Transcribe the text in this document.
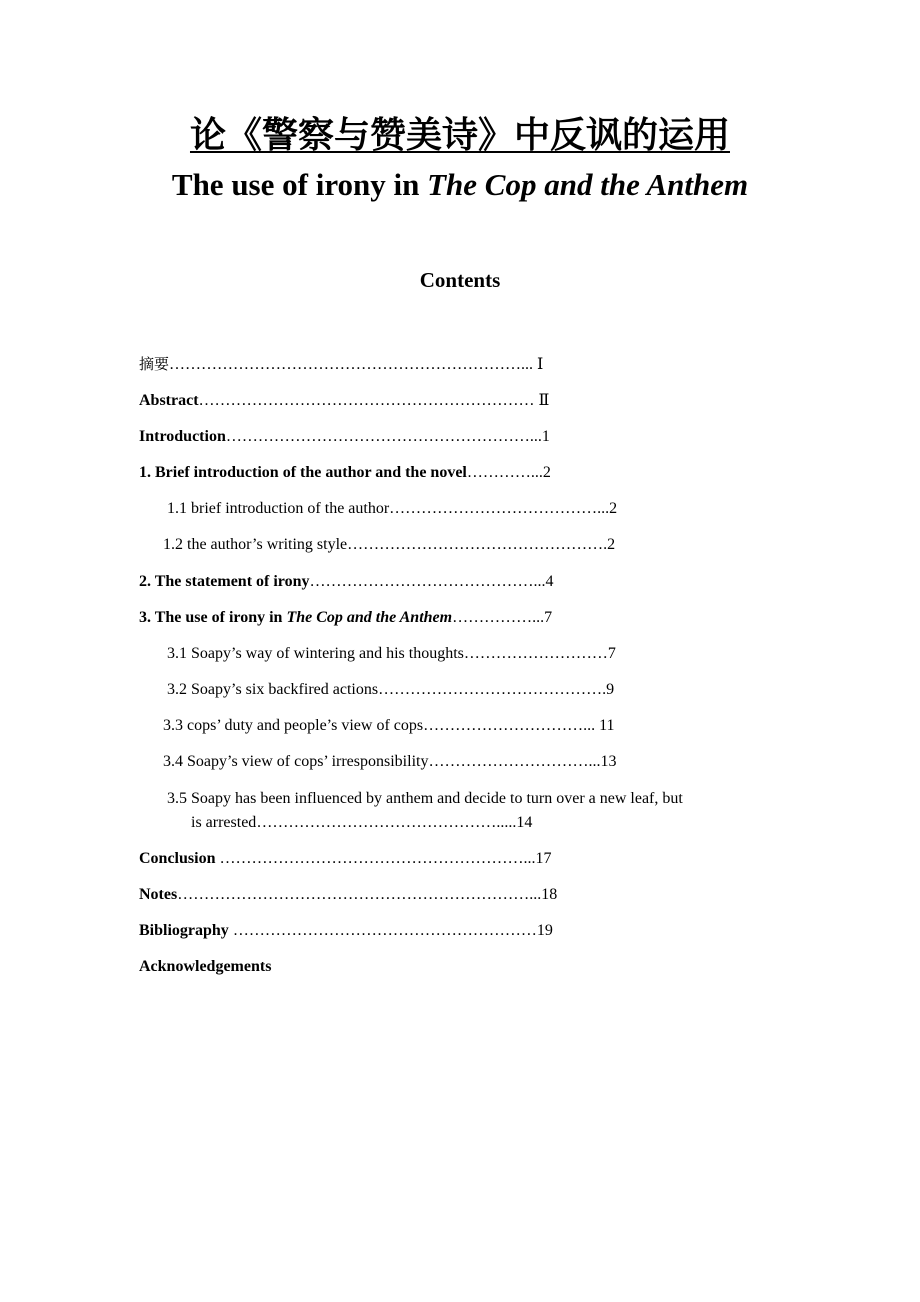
论《警察与赞美诗》中反讽的运用
The use of irony in The Cop and the Anthem
Contents
摘要…………………………………………………………... Ⅰ
Abstract……………………………………………………… Ⅱ
Introduction…………………………………………………...1
1. Brief introduction of the author and the novel…………...2
1.1 brief introduction of the author…………………………………...2
1.2 the author’s writing style………………………………………….2
2. The statement of irony……………………………………...4
3. The use of irony in The Cop and the Anthem……………...7
3.1 Soapy’s way of wintering and his thoughts………………………7
3.2 Soapy’s six backfired actions…………………………………….9
3.3 cops’ duty and people’s view of cops…………………………... 11
3.4 Soapy’s view of cops’ irresponsibility…………………………...13
3.5 Soapy has been influenced by anthem and decide to turn over a new leaf, but
is arrested……………………………………….....14
Conclusion …………………………………………………...17
Notes…………………………………………………………...18
Bibliography …………………………………………………19
Acknowledgements
